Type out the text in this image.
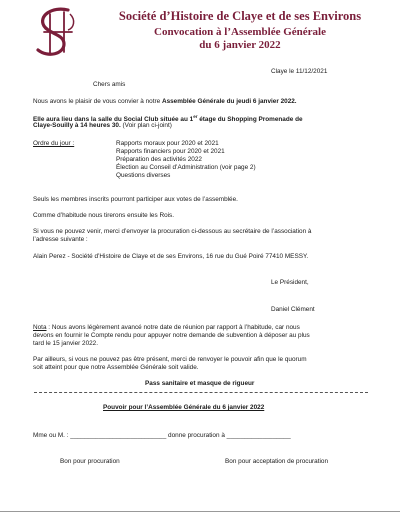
Société d’Histoire de Claye et de ses Environs
Convocation à l’Assemblée Générale
du 6 janvier 2022
Claye le 11/12/2021
Chers amis
Nous avons le plaisir de vous convier à notre Assemblée Générale du jeudi 6 janvier 2022.
Elle aura lieu dans la salle du Social Club située au 1er étage du Shopping Promenade de
Claye-Souilly à 14 heures 30. (Voir plan ci-joint)
Ordre du jour :	Rapports moraux pour 2020 et 2021
Rapports financiers pour 2020 et 2021
Préparation des activités 2022
Élection au Conseil d’Administration (voir page 2)
Questions diverses
Seuls les membres inscrits pourront participer aux votes de l’assemblée.
Comme d’habitude nous tirerons ensuite les Rois.
Si vous ne pouvez venir, merci d’envoyer la procuration ci-dessous au secrétaire de l’association à
l’adresse suivante :
Alain Perez - Société d’Histoire de Claye et de ses Environs, 16 rue du Gué Poiré 77410 MESSY.
Le Président,
Daniel Clément
Nota : Nous avons légèrement avancé notre date de réunion par rapport à l’habitude, car nous
devons en fournir le Compte rendu pour appuyer notre demande de subvention à déposer au plus
tard le 15 janvier 2022.
Par ailleurs, si vous ne pouvez pas être présent, merci de renvoyer le pouvoir afin que le quorum
soit atteint pour que notre Assemblée Générale soit valide.
Pass sanitaire et masque de rigueur
Pouvoir pour l’Assemblée Générale du 6 janvier 2022
Mme ou M. : ___________________________ donne procuration à __________________
Bon pour procuration	Bon pour acceptation de procuration
